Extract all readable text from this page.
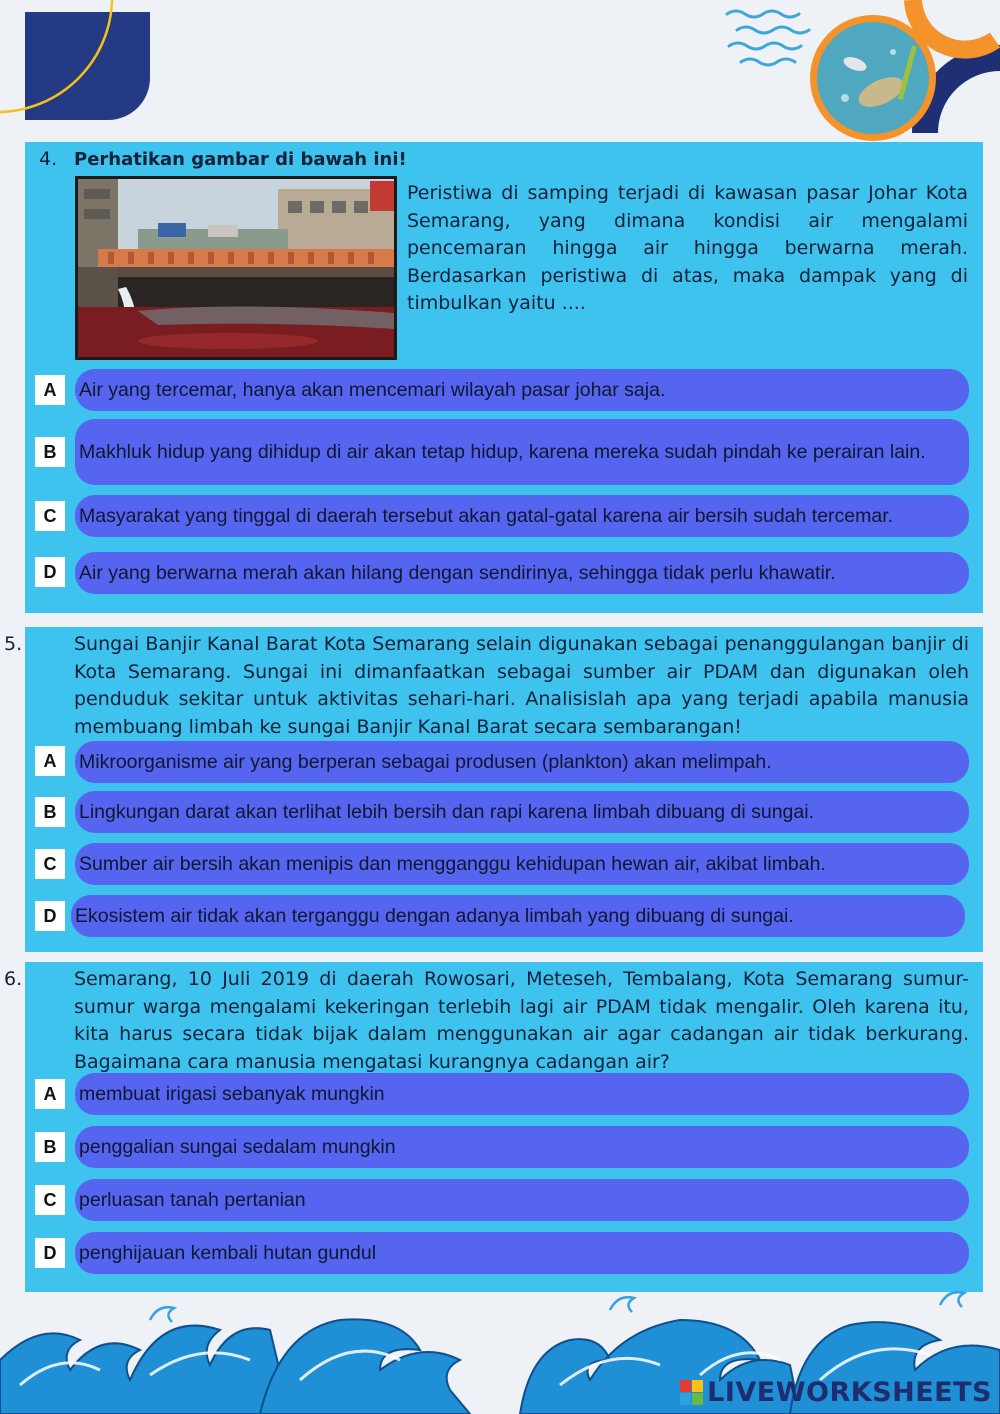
4. Perhatikan gambar di bawah ini!

Peristiwa di samping terjadi di kawasan pasar Johar Kota Semarang, yang dimana kondisi air mengalami pencemaran hingga air hingga berwarna merah. Berdasarkan peristiwa di atas, maka dampak yang di timbulkan yaitu ....

A	Air yang tercemar, hanya akan mencemari wilayah pasar johar saja.
B	Makhluk hidup yang dihidup di air akan tetap hidup, karena mereka sudah pindah ke perairan lain.
C	Masyarakat yang tinggal di daerah tersebut akan gatal-gatal karena air bersih sudah tercemar.
D	Air yang berwarna merah akan hilang dengan sendirinya, sehingga tidak perlu khawatir.

5.	Sungai Banjir Kanal Barat Kota Semarang selain digunakan sebagai penanggulangan banjir di Kota Semarang. Sungai ini dimanfaatkan sebagai sumber air PDAM dan digunakan oleh penduduk sekitar untuk aktivitas sehari-hari. Analisislah apa yang terjadi apabila manusia membuang limbah ke sungai Banjir Kanal Barat secara sembarangan!

A	Mikroorganisme air yang berperan sebagai produsen (plankton) akan melimpah.
B	Lingkungan darat akan terlihat lebih bersih dan rapi karena limbah dibuang di sungai.
C	Sumber air bersih akan menipis dan mengganggu kehidupan hewan air, akibat limbah.
D Ekosistem air tidak akan terganggu dengan adanya limbah yang dibuang di sungai.

6.	Semarang, 10 Juli 2019 di daerah Rowosari, Meteseh, Tembalang, Kota Semarang sumur-sumur warga mengalami kekeringan terlebih lagi air PDAM tidak mengalir. Oleh karena itu, kita harus secara tidak bijak dalam menggunakan air agar cadangan air tidak berkurang. Bagaimana cara manusia mengatasi kurangnya cadangan air?

A	membuat irigasi sebanyak mungkin
B	penggalian sungai sedalam mungkin
C	perluasan tanah pertanian
D	penghijauan kembali hutan gundul
LIVEWORKSHEETS
